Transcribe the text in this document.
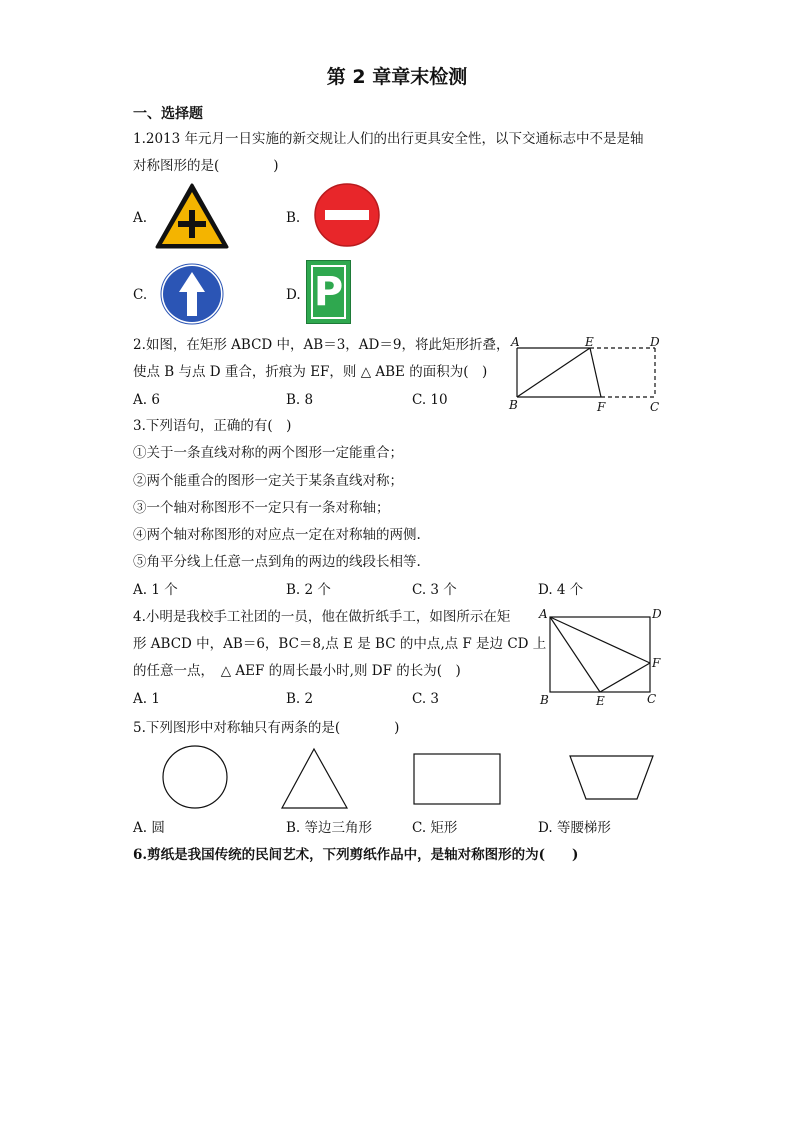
第 2 章章末检测
一、选择题
1.2013 年元月一日实施的新交规让人们的出行更具安全性，以下交通标志中不是是轴
对称图形的是(　　　　)
A.	B.
C.	D. P
2.如图，在矩形 ABCD 中，AB＝3，AD＝9，将此矩形折叠，
使点 B 与点 D 重合，折痕为 EF，则 △ ABE 的面积为(　)
A. 6	B. 8	C. 10
A	E	D
B	F	C
3.下列语句，正确的有(　)
①关于一条直线对称的两个图形一定能重合；
②两个能重合的图形一定关于某条直线对称；
③一个轴对称图形不一定只有一条对称轴；
④两个轴对称图形的对应点一定在对称轴的两侧.
⑤角平分线上任意一点到角的两边的线段长相等.
A. 1 个	B. 2 个	C. 3 个	D. 4 个
4.小明是我校手工社团的一员，他在做折纸手工，如图所示在矩
形 ABCD 中，AB＝6，BC＝8,点 E 是 BC 的中点,点 F 是边 CD 上
的任意一点，　△ AEF 的周长最小时,则 DF 的长为(　)
A. 1	B. 2	C. 3
A	D
F
B	E	C
5.下列图形中对称轴只有两条的是(　　　　)
A. 圆	B. 等边三角形	C. 矩形	D. 等腰梯形
6.剪纸是我国传统的民间艺术，下列剪纸作品中，是轴对称图形的为(　　)
